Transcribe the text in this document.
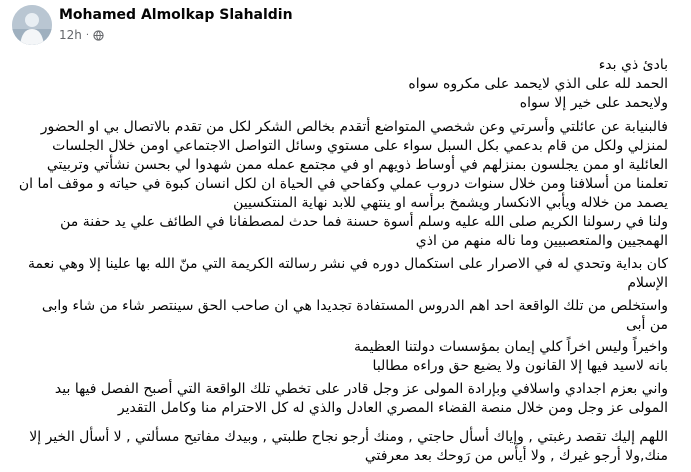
Mohamed Almolkap Slahaldin
12h ·
بادئ ذي بدء
الحمد لله على الذي لايحمد على مكروه سواه
ولايحمد على خير إلا سواه
فالبنيابة عن عائلتي وأسرتي وعن شخصي المتواضع أتقدم بخالص الشكر لكل من تقدم بالاتصال بي او الحضور
لمنزلي ولكل من قام بدعمي بكل السبل سواء على مستوي وسائل التواصل الاجتماعي اومن خلال الجلسات
العائلية او ممن يجلسون بمنزلهم في أوساط ذويهم او في مجتمع عمله ممن شهدوا لي بحسن نشأتي وتربيتي
تعلمنا من أسلافنا ومن خلال سنوات دروب عملي وكفاحي في الحياة ان لكل انسان كبوة في حياته و موقف اما ان
يصمد من خلاله ويأبي الانكسار ويشمخ برأسه او ينتهي للابد نهاية المنتكسيين
ولنا في رسولنا الكريم صلى الله عليه وسلم أسوة حسنة فما حدث لمصطفانا في الطائف علي يد حفنة من
الهمجيين والمتعصبيين وما ناله منهم من اذي
كان بداية وتحدي له في الاصرار على استكمال دوره في نشر رسالته الكريمة التي منّ الله بها علينا إلا وهي نعمة
الإسلام
واستخلص من تلك الواقعة احد اهم الدروس المستفادة تجديدا هي ان صاحب الحق سينتصر شاء من شاء وابى
من أبى
واخيراً وليس اخراً كلي إيمان بمؤسسات دولتنا العظيمة
بانه لاسيد فيها إلا القانون ولا يضيع حق وراءه مطالبا
واني بعزم اجدادي واسلافي وبإرادة المولى عز وجل قادر على تخطي تلك الواقعة التي أصبح الفصل فيها بيد
المولى عز وجل ومن خلال منصة القضاء المصري العادل والذي له كل الاحترام منا وكامل التقدير
اللهم إليك تقصد رغبتي , وإياك أسأل حاجتي , ومنك أرجو نجاح طلبتي , وبيدك مفاتيح مسألتي , لا أسأل الخير إلا
منك,ولا أرجو غيرك , ولا أيأس من رَوحك بعد معرفتي
